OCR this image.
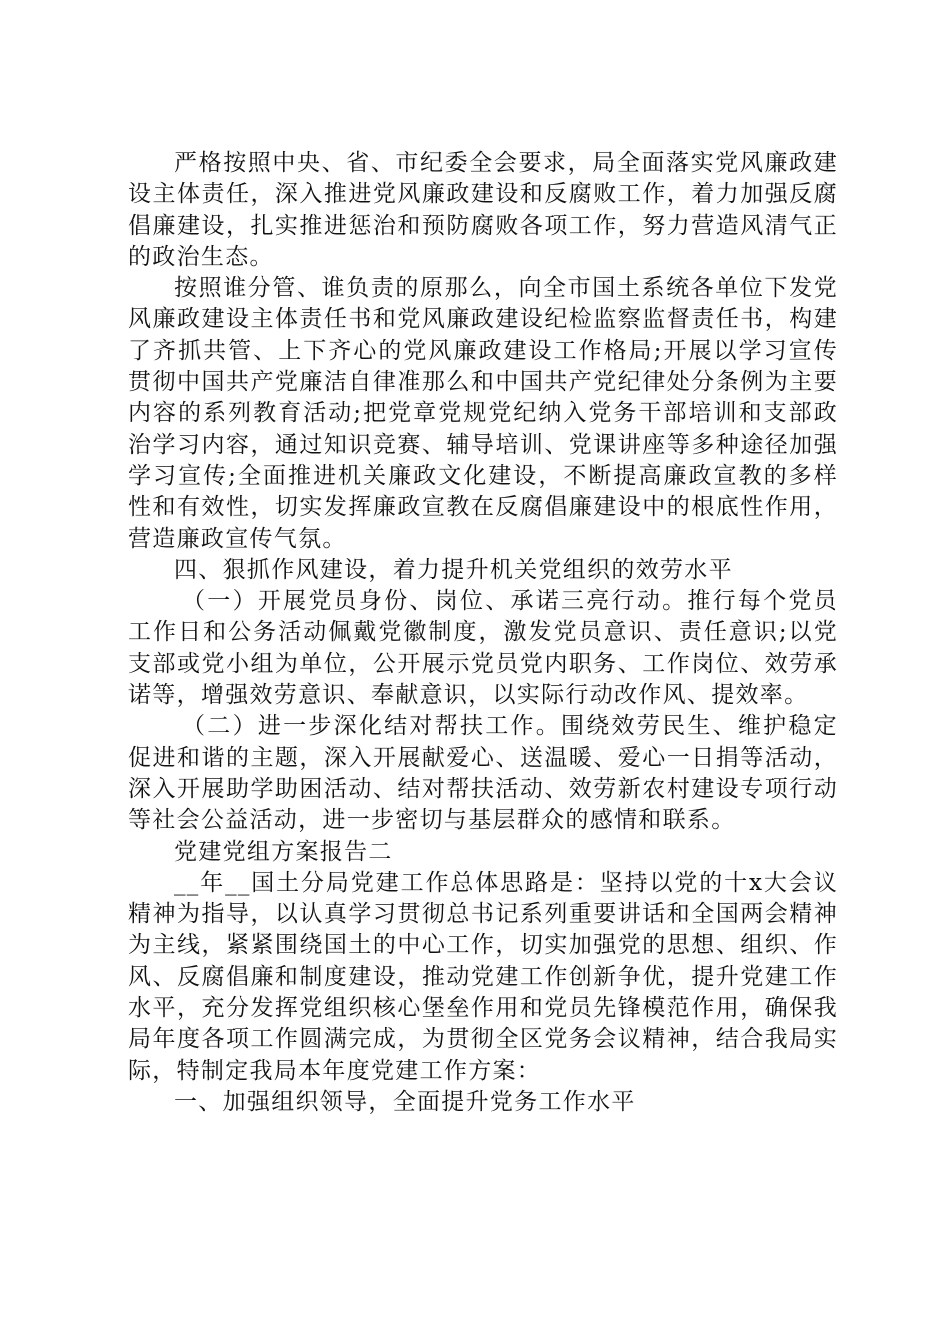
严格按照中央、省、市纪委全会要求，局全面落实党风廉政建设主体责任，深入推进党风廉政建设和反腐败工作，着力加强反腐倡廉建设，扎实推进惩治和预防腐败各项工作，努力营造风清气正的政治生态。

按照谁分管、谁负责的原那么，向全市国土系统各单位下发党风廉政建设主体责任书和党风廉政建设纪检监察监督责任书，构建了齐抓共管、上下齐心的党风廉政建设工作格局;开展以学习宣传贯彻中国共产党廉洁自律准那么和中国共产党纪律处分条例为主要内容的系列教育活动;把党章党规党纪纳入党务干部培训和支部政治学习内容，通过知识竞赛、辅导培训、党课讲座等多种途径加强学习宣传;全面推进机关廉政文化建设，不断提高廉政宣教的多样性和有效性，切实发挥廉政宣教在反腐倡廉建设中的根底性作用，营造廉政宣传气氛。

四、狠抓作风建设，着力提升机关党组织的效劳水平

（一）开展党员身份、岗位、承诺三亮行动。推行每个党员工作日和公务活动佩戴党徽制度，激发党员意识、责任意识;以党支部或党小组为单位，公开展示党员党内职务、工作岗位、效劳承诺等，增强效劳意识、奉献意识，以实际行动改作风、提效率。

（二）进一步深化结对帮扶工作。围绕效劳民生、维护稳定促进和谐的主题，深入开展献爱心、送温暖、爱心一日捐等活动，深入开展助学助困活动、结对帮扶活动、效劳新农村建设专项行动等社会公益活动，进一步密切与基层群众的感情和联系。

党建党组方案报告二

__年__国土分局党建工作总体思路是：坚持以党的十x大会议精神为指导，以认真学习贯彻总书记系列重要讲话和全国两会精神为主线，紧紧围绕国土的中心工作，切实加强党的思想、组织、作风、反腐倡廉和制度建设，推动党建工作创新争优，提升党建工作水平，充分发挥党组织核心堡垒作用和党员先锋模范作用，确保我局年度各项工作圆满完成，为贯彻全区党务会议精神，结合我局实际，特制定我局本年度党建工作方案：

一、加强组织领导，全面提升党务工作水平
